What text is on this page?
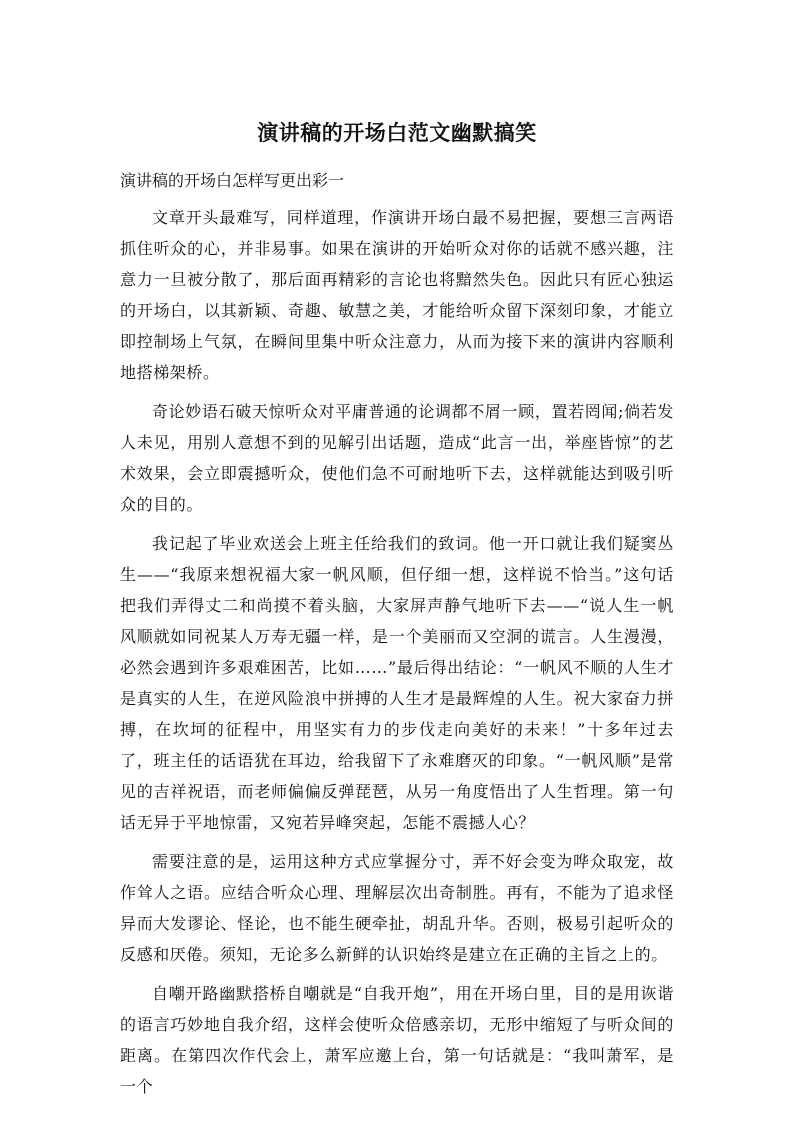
演讲稿的开场白范文幽默搞笑

演讲稿的开场白怎样写更出彩一

文章开头最难写，同样道理，作演讲开场白最不易把握，要想三言两语抓住听众的心，并非易事。如果在演讲的开始听众对你的话就不感兴趣，注意力一旦被分散了，那后面再精彩的言论也将黯然失色。因此只有匠心独运的开场白，以其新颖、奇趣、敏慧之美，才能给听众留下深刻印象，才能立即控制场上气氛，在瞬间里集中听众注意力，从而为接下来的演讲内容顺利地搭梯架桥。

奇论妙语石破天惊听众对平庸普通的论调都不屑一顾，置若罔闻;倘若发人未见，用别人意想不到的见解引出话题，造成“此言一出，举座皆惊”的艺术效果，会立即震撼听众，使他们急不可耐地听下去，这样就能达到吸引听众的目的。

我记起了毕业欢送会上班主任给我们的致词。他一开口就让我们疑窦丛生——“我原来想祝福大家一帆风顺，但仔细一想，这样说不恰当。”这句话把我们弄得丈二和尚摸不着头脑，大家屏声静气地听下去——“说人生一帆风顺就如同祝某人万寿无疆一样，是一个美丽而又空洞的谎言。人生漫漫，必然会遇到许多艰难困苦，比如……”最后得出结论：“一帆风不顺的人生才是真实的人生，在逆风险浪中拼搏的人生才是最辉煌的人生。祝大家奋力拼搏，在坎坷的征程中，用坚实有力的步伐走向美好的未来！”十多年过去了，班主任的话语犹在耳边，给我留下了永难磨灭的印象。“一帆风顺”是常见的吉祥祝语，而老师偏偏反弹琵琶，从另一角度悟出了人生哲理。第一句话无异于平地惊雷，又宛若异峰突起，怎能不震撼人心？

需要注意的是，运用这种方式应掌握分寸，弄不好会变为哗众取宠，故作耸人之语。应结合听众心理、理解层次出奇制胜。再有，不能为了追求怪异而大发谬论、怪论，也不能生硬牵扯，胡乱升华。否则，极易引起听众的反感和厌倦。须知，无论多么新鲜的认识始终是建立在正确的主旨之上的。

自嘲开路幽默搭桥自嘲就是“自我开炮”，用在开场白里，目的是用诙谐的语言巧妙地自我介绍，这样会使听众倍感亲切，无形中缩短了与听众间的距离。在第四次作代会上，萧军应邀上台，第一句话就是：“我叫萧军，是一个
